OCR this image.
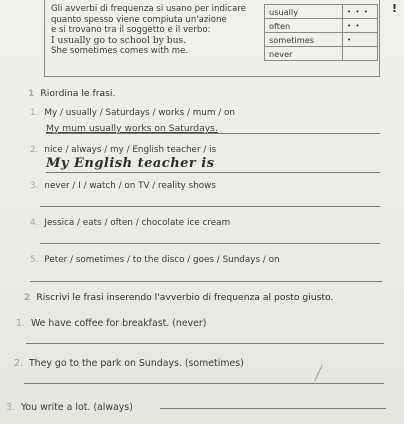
Gli avverbi di frequenza si usano per indicare
quanto spesso viene compiuta un'azione
e si trovano tra il soggetto e il verbo:
I usually go to school by bus.
She sometimes comes with me.
usually	• • •
often	• •
sometimes	•
never	
!
1 Riordina le frasi.
1. My / usually / Saturdays / works / mum / on
My mum usually works on Saturdays.
2. nice / always / my / English teacher / is
My English teacher is
3. never / I / watch / on TV / reality shows
4. Jessica / eats / often / chocolate ice cream
5. Peter / sometimes / to the disco / goes / Sundays / on
2 Riscrivi le frasi inserendo l'avverbio di frequenza al posto giusto.
1. We have coffee for breakfast. (never)
2. They go to the park on Sundays. (sometimes)
3. You write a lot. (always)
